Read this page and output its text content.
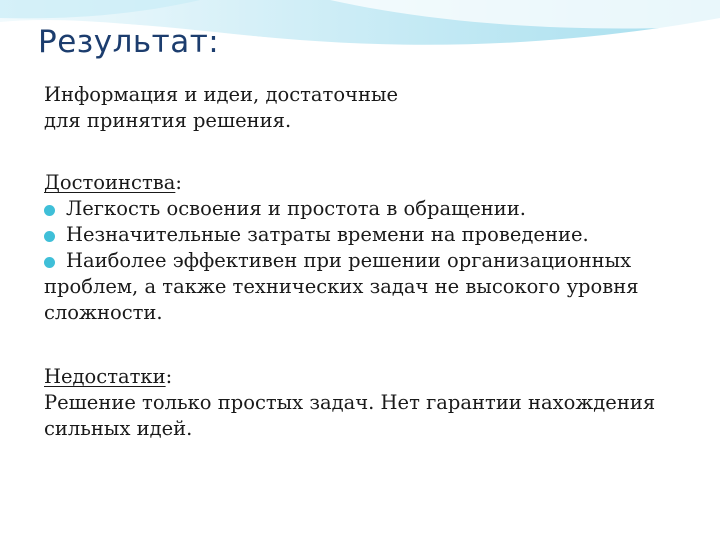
Результат:

Информация и идеи, достаточные

для принятия решения.

Достоинства:

Легкость освоения и простота в обращении.
Незначительные затраты времени на проведение.
Наиболее эффективен при решении организационных проблем, а также технических задач не высокого уровня сложности.

Недостатки:

Решение только простых задач. Нет гарантии нахождения сильных идей.
